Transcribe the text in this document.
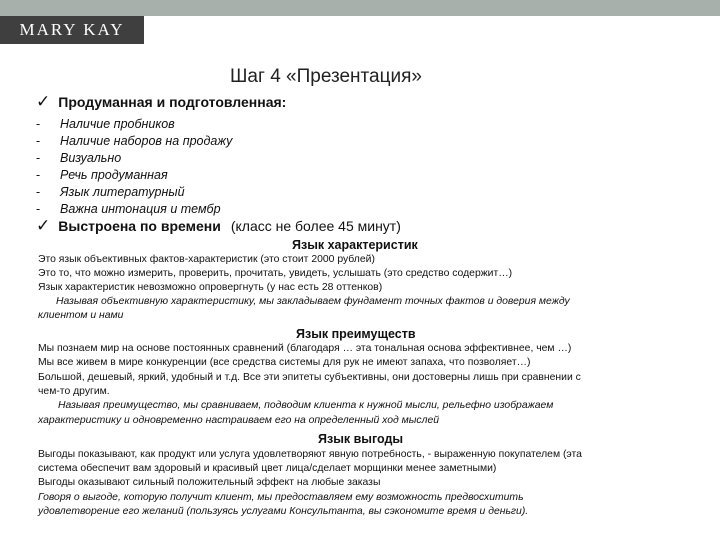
MARY KAY
Шаг 4 «Презентация»
✓ Продуманная и подготовленная:
-	Наличие пробников
-	Наличие наборов на продажу
-	Визуально
-	Речь продуманная
-	Язык литературный
-	Важна интонация и тембр
✓ Выстроена по времени (класс не более 45 минут)
Язык характеристик
Это язык объективных фактов-характеристик (это стоит 2000 рублей)
Это то, что можно измерить, проверить, прочитать, увидеть, услышать (это средство содержит…)
Язык характеристик невозможно опровергнуть (у нас есть 28 оттенков)
Называя объективную характеристику, мы закладываем фундамент точных фактов и доверия между
клиентом и нами
Язык преимуществ
Мы познаем мир на основе постоянных сравнений (благодаря … эта тональная основа эффективнее, чем …)
Мы все живем в мире конкуренции (все средства системы для рук не имеют запаха, что позволяет…)
Большой, дешевый, яркий, удобный и т.д. Все эти эпитеты субъективны, они достоверны лишь при сравнении с
чем-то другим.
Называя преимущество, мы сравниваем, подводим клиента к нужной мысли, рельефно изображаем
характеристику и одновременно настраиваем его на определенный ход мыслей
Язык выгоды
Выгоды показывают, как продукт или услуга удовлетворяют явную потребность, - выраженную покупателем (эта
система обеспечит вам здоровый и красивый цвет лица/сделает морщинки менее заметными)
Выгоды оказывают сильный положительный эффект на любые заказы
Говоря о выгоде, которую получит клиент, мы предоставляем ему возможность предвосхитить
удовлетворение его желаний (пользуясь услугами Консультанта, вы сэкономите время и деньги).
